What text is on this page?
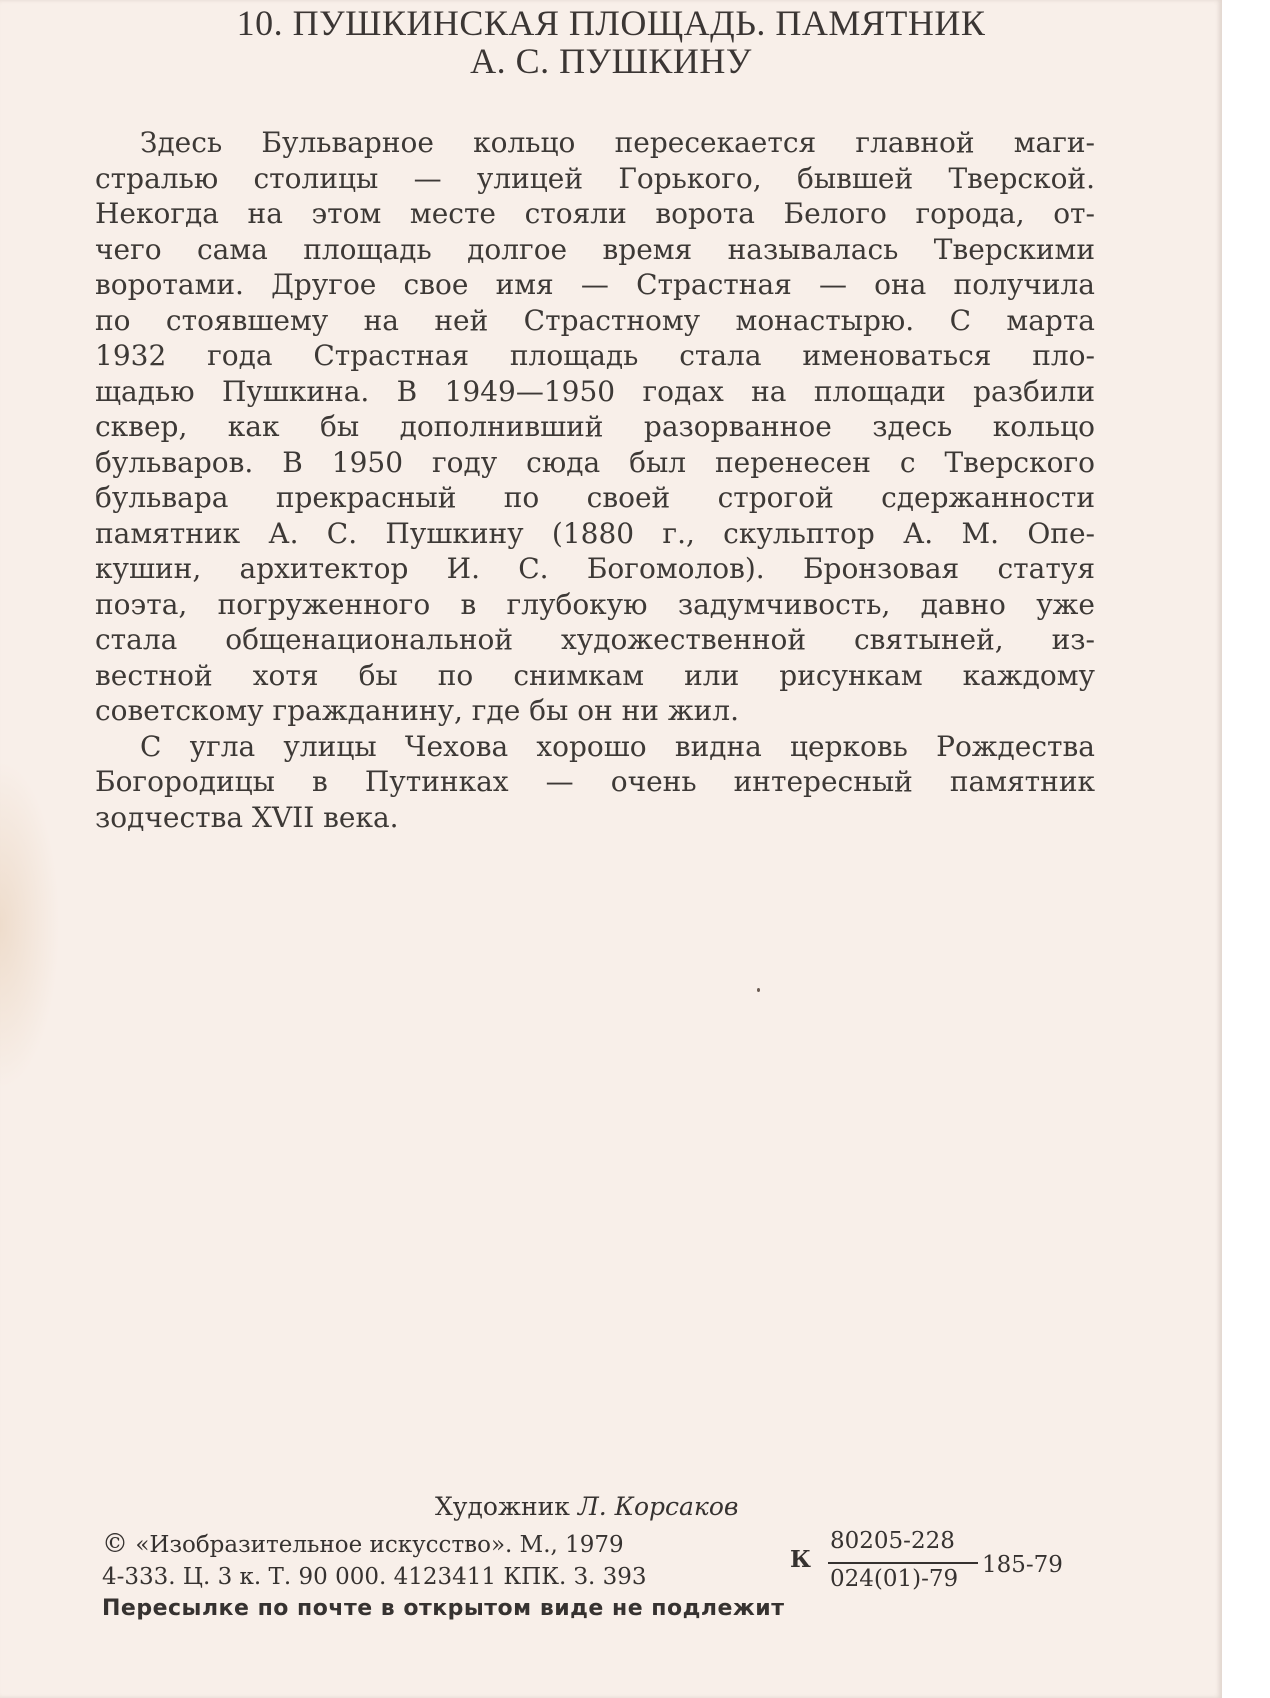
10. ПУШКИНСКАЯ ПЛОЩАДЬ. ПАМЯТНИК
А. С. ПУШКИНУ
Здесь Бульварное кольцо пересекается главной маги-
стралью столицы — улицей Горького, бывшей Тверской.
Некогда на этом месте стояли ворота Белого города, от-
чего сама площадь долгое время называлась Тверскими
воротами. Другое свое имя — Страстная — она получила
по стоявшему на ней Страстному монастырю. С марта
1932 года Страстная площадь стала именоваться пло-
щадью Пушкина. В 1949—1950 годах на площади разбили
сквер, как бы дополнивший разорванное здесь кольцо
бульваров. В 1950 году сюда был перенесен с Тверского
бульвара прекрасный по своей строгой сдержанности
памятник А. С. Пушкину (1880 г., скульптор А. М. Опе-
кушин, архитектор И. С. Богомолов). Бронзовая статуя
поэта, погруженного в глубокую задумчивость, давно уже
стала общенациональной художественной святыней, из-
вестной хотя бы по снимкам или рисункам каждому
советскому гражданину, где бы он ни жил.
С угла улицы Чехова хорошо видна церковь Рождества
Богородицы в Путинках — очень интересный памятник
зодчества XVII века.
Художник Л. Корсаков
© «Изобразительное искусство». М., 1979
4-333. Ц. 3 к. Т. 90 000. 4123411 КПК. З. 393
К
80205-228
024(01)-79
185-79
Пересылке по почте в открытом виде не подлежит
